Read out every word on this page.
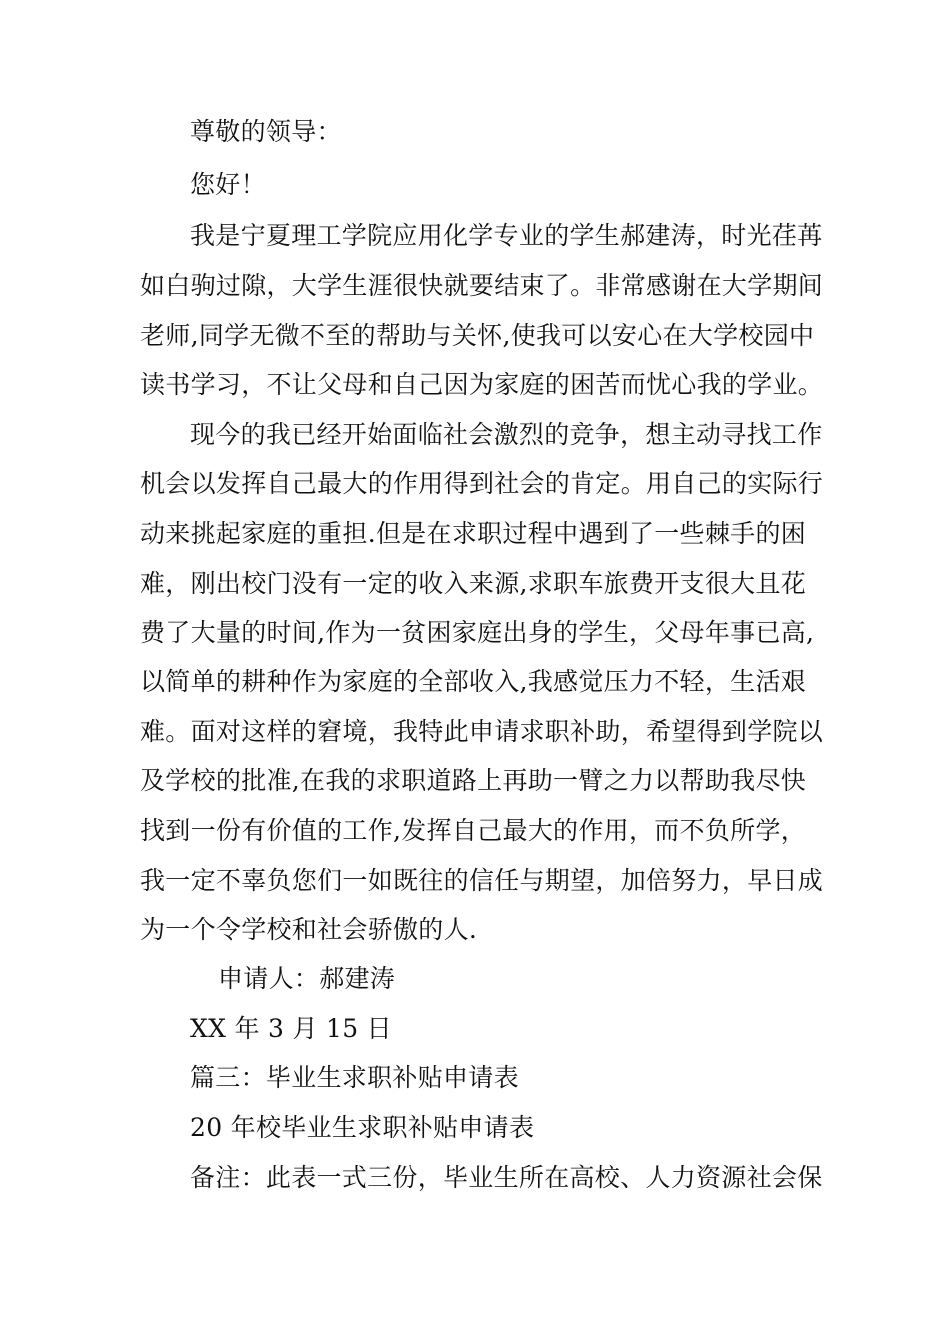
尊敬的领导：
您好！
我是宁夏理工学院应用化学专业的学生郝建涛，时光荏苒
如白驹过隙，大学生涯很快就要结束了。非常感谢在大学期间
老师,同学无微不至的帮助与关怀,使我可以安心在大学校园中
读书学习，不让父母和自己因为家庭的困苦而忧心我的学业。
现今的我已经开始面临社会激烈的竞争，想主动寻找工作
机会以发挥自己最大的作用得到社会的肯定。用自己的实际行
动来挑起家庭的重担.但是在求职过程中遇到了一些棘手的困
难，刚出校门没有一定的收入来源,求职车旅费开支很大且花
费了大量的时间,作为一贫困家庭出身的学生，父母年事已高,
以简单的耕种作为家庭的全部收入,我感觉压力不轻，生活艰
难。面对这样的窘境，我特此申请求职补助，希望得到学院以
及学校的批准,在我的求职道路上再助一臂之力以帮助我尽快
找到一份有价值的工作,发挥自己最大的作用，而不负所学，
我一定不辜负您们一如既往的信任与期望，加倍努力，早日成
为一个令学校和社会骄傲的人.
申请人：郝建涛
XX 年 3 月 15 日
篇三：毕业生求职补贴申请表
20 年校毕业生求职补贴申请表
备注：此表一式三份，毕业生所在高校、人力资源社会保
